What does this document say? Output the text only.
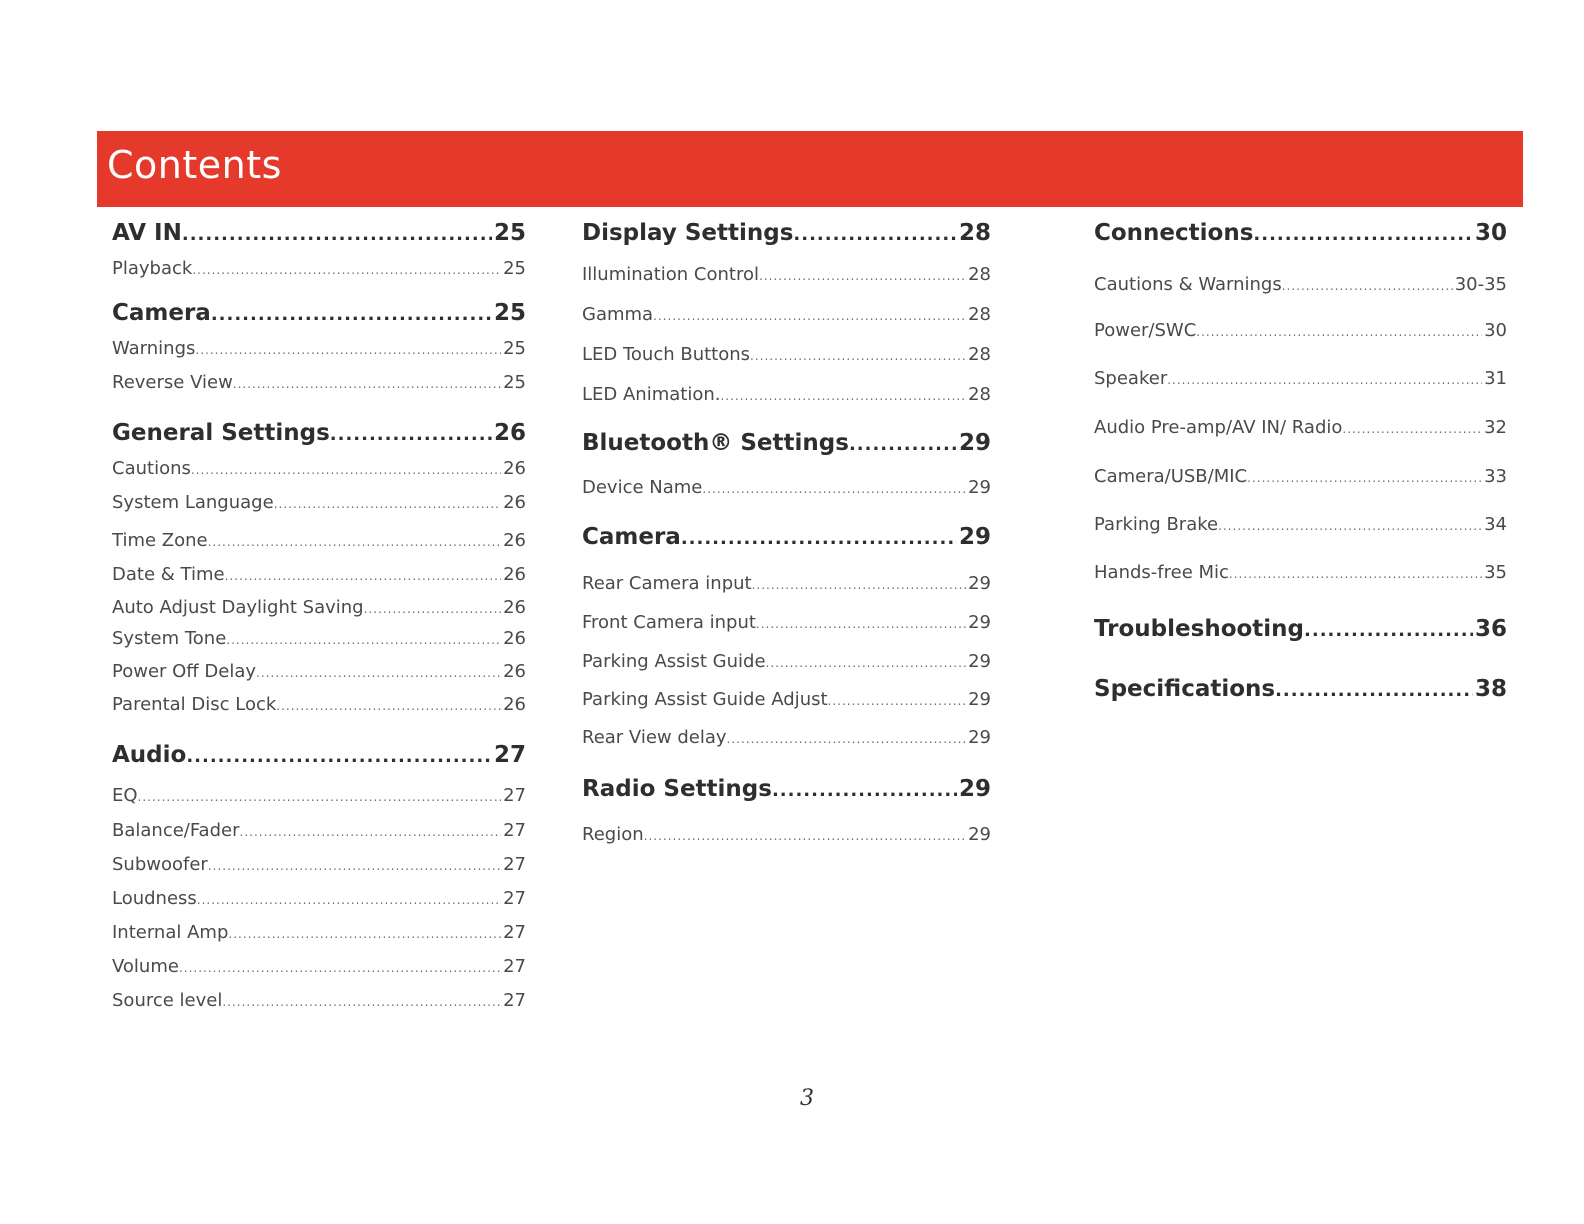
Contents
AV IN .....	25
Playback .....	25
Camera .....	25
Warnings .....	25
Reverse View .....	25
General Settings .....	26
Cautions .....	26
System Language .....	26
Time Zone .....	26
Date & Time .....	26
Auto Adjust Daylight Saving .....	26
System Tone .....	26
Power Off Delay .....	26
Parental Disc Lock .....	26
Audio .....	27
EQ .....	27
Balance/Fader .....	27
Subwoofer .....	27
Loudness .....	27
Internal Amp .....	27
Volume .....	27
Source level .....	27
Display Settings .....	28
Illumination Control .....	28
Gamma .....	28
LED Touch Buttons .....	28
LED Animation. .....	28
Bluetooth® Settings .....	29
Device Name .....	29
Camera .....	29
Rear Camera input .....	29
Front Camera input .....	29
Parking Assist Guide .....	29
Parking Assist Guide Adjust .....	29
Rear View delay .....	29
Radio Settings .....	29
Region .....	29
Connections .....	30
Cautions & Warnings .....	30-35
Power/SWC .....	30
Speaker .....	31
Audio Pre-amp/AV IN/ Radio .....	32
Camera/USB/MIC .....	33
Parking Brake .....	34
Hands-free Mic .....	35
Troubleshooting .....	36
Specifications .....	38
3
